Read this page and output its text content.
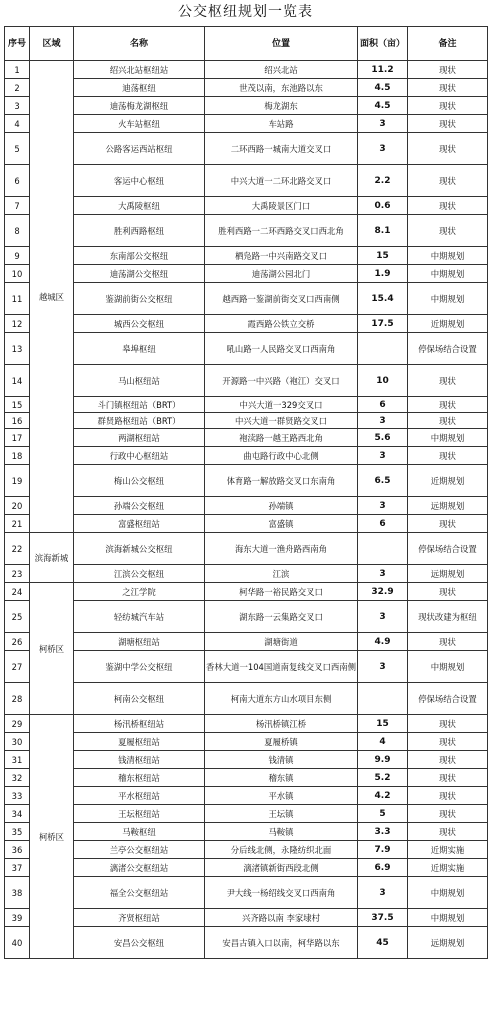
公交枢纽规划一览表
序号	区域	名称	位置	面积（亩）	备注
1	越城区	绍兴北站枢纽站	绍兴北站	11.2	现状
2		迪荡枢纽	世茂以南，东池路以东	4.5	现状
3		迪荡梅龙湖枢纽	梅龙湖东	4.5	现状
4		火车站枢纽	车站路	3	现状
5		公路客运西站枢纽	二环西路一城南大道交叉口	3	现状
6		客运中心枢纽	中兴大道一二环北路交叉口	2.2	现状
7		大禹陵枢纽	大禹陵景区门口	0.6	现状
8		胜利西路枢纽	胜利西路一二环西路交叉口西北角	8.1	现状
9		东南部公交枢纽	栖凫路一中兴南路交叉口	15	中期规划
10		迪荡湖公交枢纽	迪荡湖公园北门	1.9	中期规划
11		鉴湖前街公交枢纽	越西路一鉴湖前街交叉口西南侧	15.4	中期规划
12		城西公交枢纽	霞西路公铁立交桥	17.5	近期规划
13		皋埠枢纽	吼山路一人民路交叉口西南角		停保场结合设置
14		马山枢纽站	开源路一中兴路（袍江）交叉口	10	现状
15		斗门镇枢纽站（BRT）	中兴大道一329交叉口	6	现状
16		群贤路枢纽站（BRT）	中兴大道一群贤路交叉口	3	现状
17		两湖枢纽站	袍渎路一越王路西北角	5.6	中期规划
18		行政中心枢纽站	曲屯路行政中心北侧	3	现状
19		梅山公交枢纽	体育路一解放路交叉口东南角	6.5	近期规划
20		孙端公交枢纽	孙端镇	3	远期规划
21		富盛枢纽站	富盛镇	6	现状
22	滨海新城	滨海新城公交枢纽	海东大道一渔舟路西南角		停保场结合设置
23		江滨公交枢纽	江滨	3	远期规划
24	柯桥区	之江学院	柯华路一裕民路交叉口	32.9	现状
25		轻纺城汽车站	湖东路一云集路交叉口	3	现状改建为枢纽
26		湖塘枢纽站	湖塘街道	4.9	现状
27		鉴湖中学公交枢纽	香林大道一104国道南复线交叉口西南侧	3	中期规划
28		柯南公交枢纽	柯南大道东方山水项目东侧		停保场结合设置
29	柯桥区	杨汛桥枢纽站	杨汛桥镇江桥	15	现状
30		夏履枢纽站	夏履桥镇	4	现状
31		钱清枢纽站	钱清镇	9.9	现状
32		稽东枢纽站	稽东镇	5.2	现状
33		平水枢纽站	平水镇	4.2	现状
34		王坛枢纽站	王坛镇	5	现状
35		马鞍枢纽	马鞍镇	3.3	现状
36		兰亭公交枢纽站	分后线北侧，永隆纺织北面	7.9	近期实施
37		漓渚公交枢纽站	漓渚镇新街西段北侧	6.9	近期实施
38		福全公交枢纽站	尹大线一杨绍线交叉口西南角	3	中期规划
39		齐贤枢纽站	兴齐路以南 李家埭村	37.5	中期规划
40		安昌公交枢纽	安昌古镇入口以南，柯华路以东	45	远期规划
